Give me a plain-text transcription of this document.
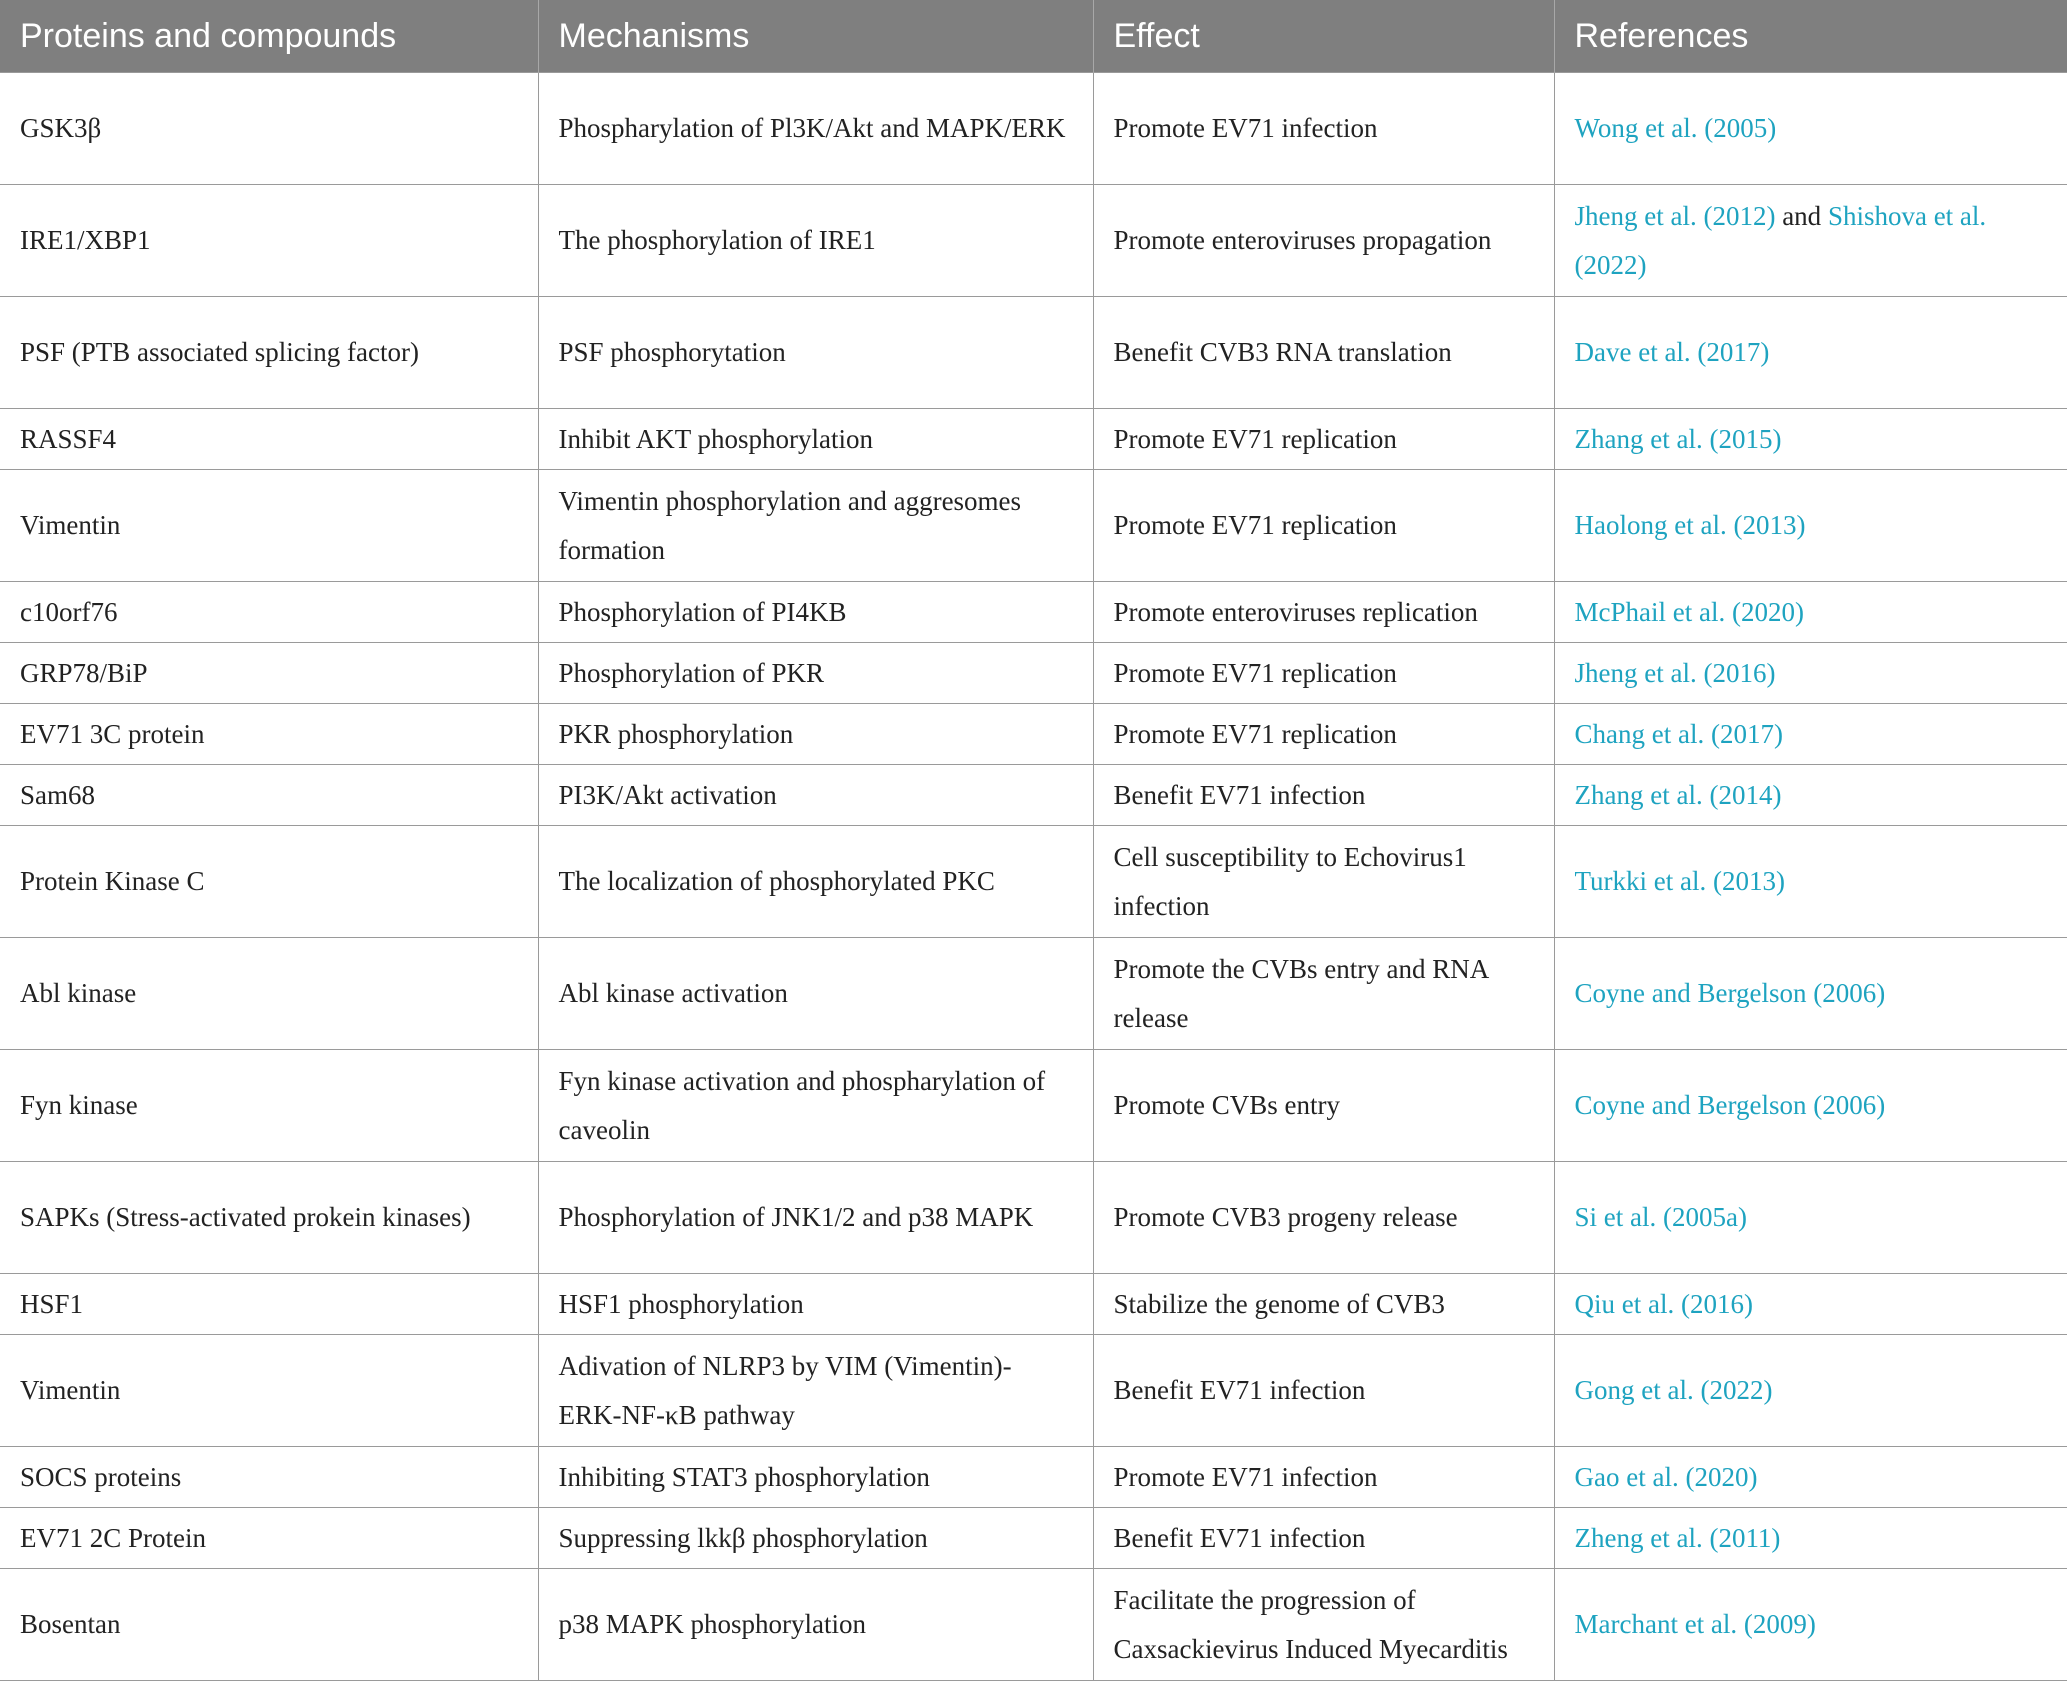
Proteins and compounds	Mechanisms	Effect	References
GSK3β	Phospharylation of Pl3K/Akt and MAPK/ERK	Promote EV71 infection	Wong et al. (2005)
IRE1/XBP1	The phosphorylation of IRE1	Promote enteroviruses propagation	Jheng et al. (2012) and Shishova et al. (2022)
PSF (PTB associated splicing factor)	PSF phosphorytation	Benefit CVB3 RNA translation	Dave et al. (2017)
RASSF4	Inhibit AKT phosphorylation	Promote EV71 replication	Zhang et al. (2015)
Vimentin	Vimentin phosphorylation and aggresomes formation	Promote EV71 replication	Haolong et al. (2013)
c10orf76	Phosphorylation of PI4KB	Promote enteroviruses replication	McPhail et al. (2020)
GRP78/BiP	Phosphorylation of PKR	Promote EV71 replication	Jheng et al. (2016)
EV71 3C protein	PKR phosphorylation	Promote EV71 replication	Chang et al. (2017)
Sam68	PI3K/Akt activation	Benefit EV71 infection	Zhang et al. (2014)
Protein Kinase C	The localization of phosphorylated PKC	Cell susceptibility to Echovirus1 infection	Turkki et al. (2013)
Abl kinase	Abl kinase activation	Promote the CVBs entry and RNA release	Coyne and Bergelson (2006)
Fyn kinase	Fyn kinase activation and phospharylation of caveolin	Promote CVBs entry	Coyne and Bergelson (2006)
SAPKs (Stress-activated prokein kinases)	Phosphorylation of JNK1/2 and p38 MAPK	Promote CVB3 progeny release	Si et al. (2005a)
HSF1	HSF1 phosphorylation	Stabilize the genome of CVB3	Qiu et al. (2016)
Vimentin	Adivation of NLRP3 by VIM (Vimentin)-ERK-NF-κB pathway	Benefit EV71 infection	Gong et al. (2022)
SOCS proteins	Inhibiting STAT3 phosphorylation	Promote EV71 infection	Gao et al. (2020)
EV71 2C Protein	Suppressing lkkβ phosphorylation	Benefit EV71 infection	Zheng et al. (2011)
Bosentan	p38 MAPK phosphorylation	Facilitate the progression of Caxsackievirus Induced Myecarditis	Marchant et al. (2009)
